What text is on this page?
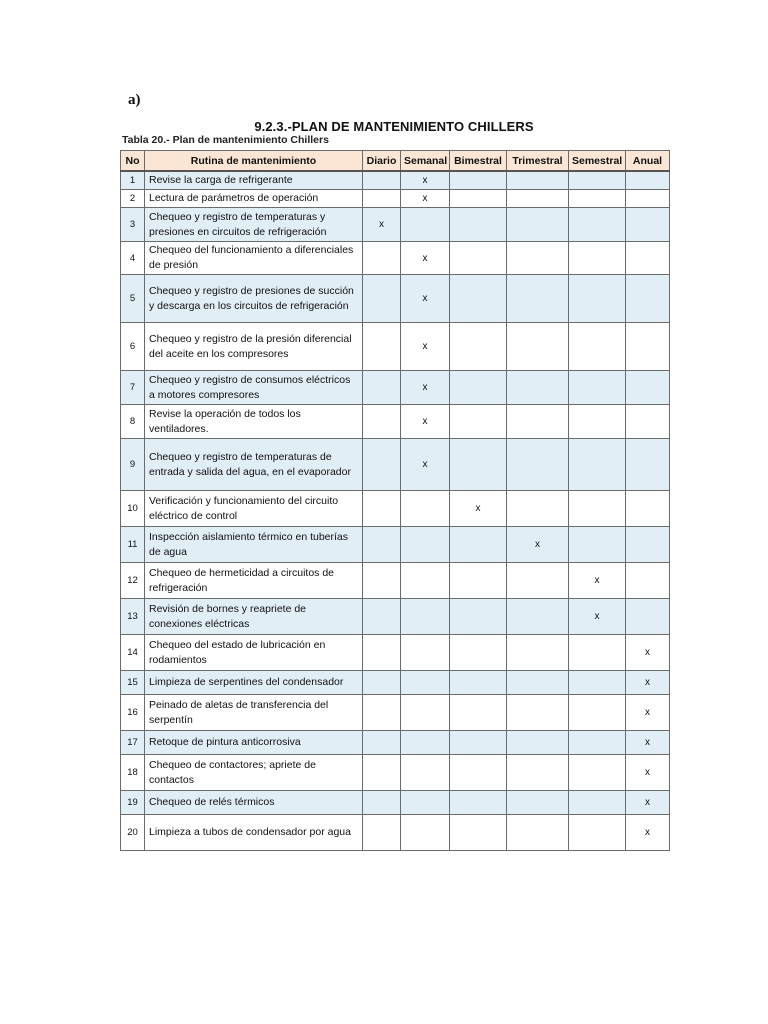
a)
9.2.3.-PLAN DE MANTENIMIENTO CHILLERS
Tabla 20.- Plan de mantenimiento Chillers
No	Rutina de mantenimiento	Diario	Semanal	Bimestral	Trimestral	Semestral	Anual
1	Revise la carga de refrigerante		x				
2	Lectura de parámetros de operación		x				
3	Chequeo y registro de temperaturas y presiones en circuitos de refrigeración	x					
4	Chequeo del funcionamiento a diferenciales de presión		x				
5	Chequeo y registro de presiones de succión y descarga en los circuitos de refrigeración		x				
6	Chequeo y registro de la presión diferencial del aceite en los compresores		x				
7	Chequeo y registro de consumos eléctricos a motores compresores		x				
8	Revise la operación de todos los ventiladores.		x				
9	Chequeo y registro de temperaturas de entrada y salida del agua, en el evaporador		x				
10	Verificación y funcionamiento del circuito eléctrico de control			x			
11	Inspección aislamiento térmico en tuberías de agua				x		
12	Chequeo de hermeticidad a circuitos de refrigeración					x	
13	Revisión de bornes y reapriete de conexiones eléctricas					x	
14	Chequeo del estado de lubricación en rodamientos						x
15	Limpieza de serpentines del condensador						x
16	Peinado de aletas de transferencia del serpentín						x
17	Retoque de pintura anticorrosiva						x
18	Chequeo de contactores; apriete de contactos						x
19	Chequeo de relés térmicos						x
20	Limpieza a tubos de condensador por agua						x
